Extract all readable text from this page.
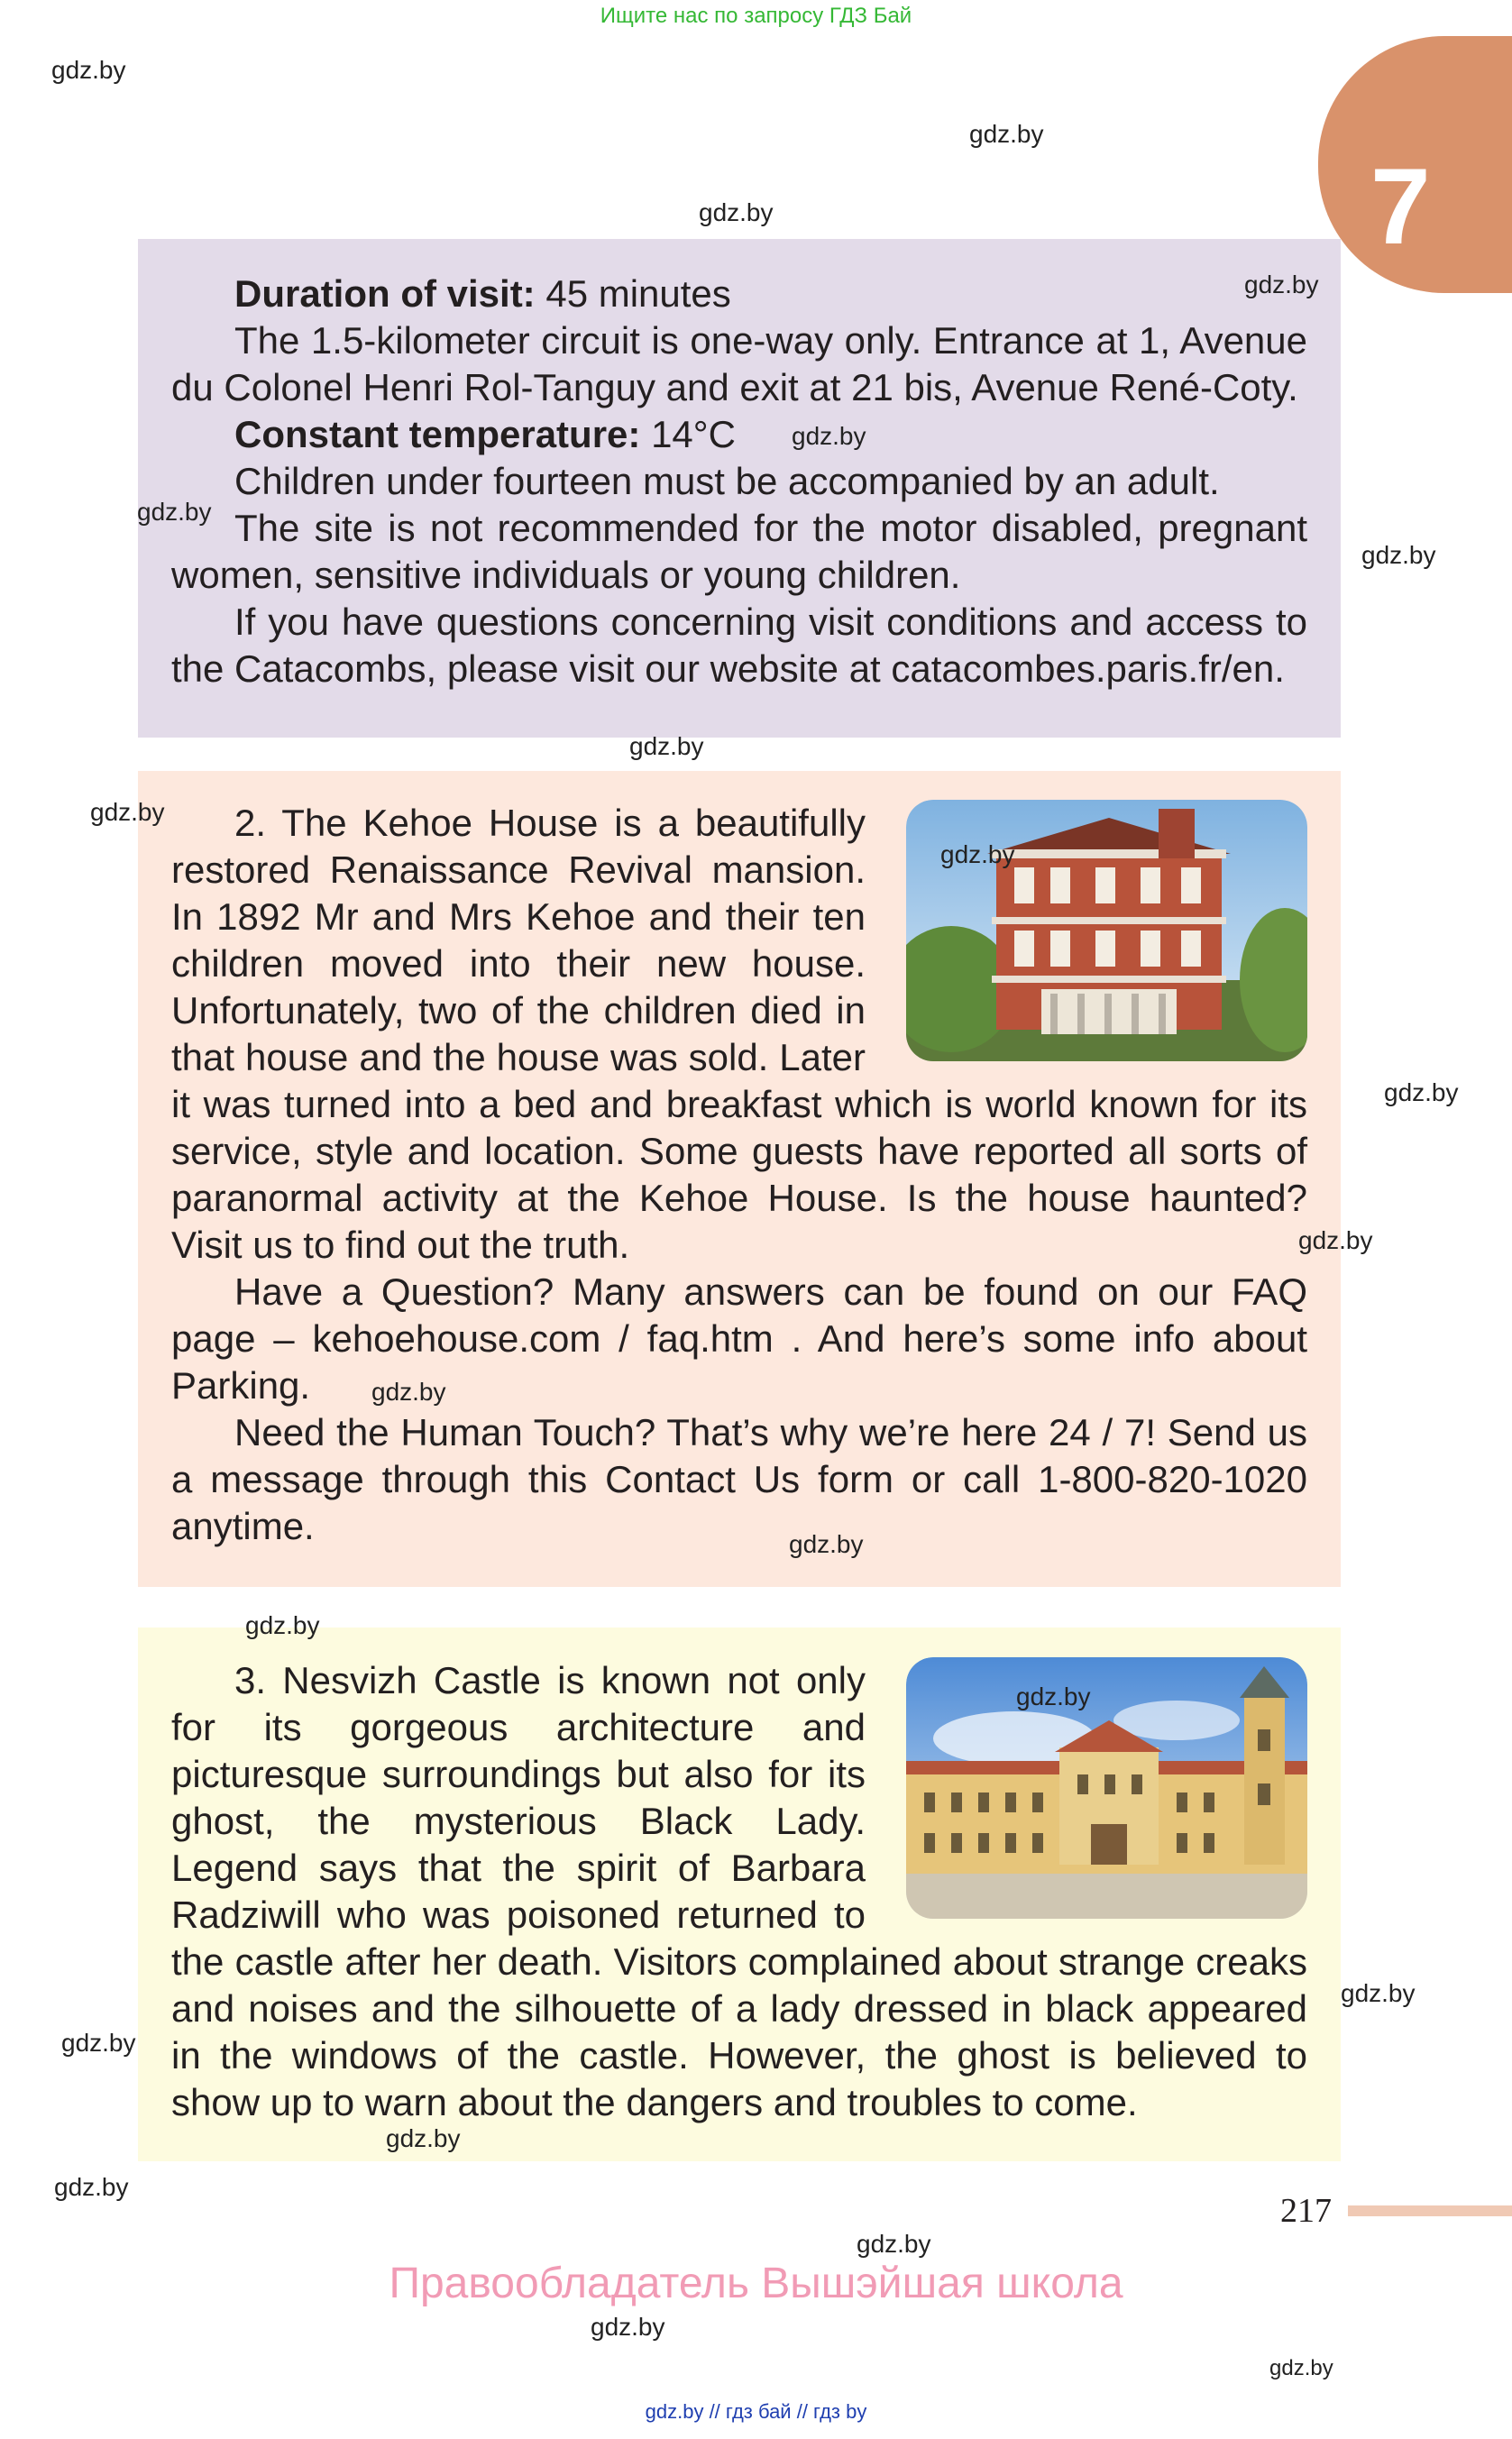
Ищите нас по запросу ГДЗ Бай
7

Duration of visit: 45 minutes

The 1.5-kilometer circuit is one-way only. Entrance at 1, Avenue du Colonel Henri Rol-Tanguy and exit at 21 bis, Avenue René-Coty.

Constant temperature: 14°C

Children under fourteen must be accompanied by an adult.

The site is not recommended for the motor disabled, pregnant women, sensitive individuals or young children.

If you have questions concerning visit conditions and access to the Catacombs, please visit our website at catacombes.paris.fr/en.

2. The Kehoe House is a beautifully restored Renaissance Revival mansion. In 1892 Mr and Mrs Kehoe and their ten children moved into their new house. Unfortunately, two of the children died in that house and the house was sold. Later it was turned into a bed and breakfast which is world known for its service, style and location. Some guests have reported all sorts of paranormal activity at the Kehoe House. Is the house haunted? Visit us to find out the truth.

Have a Question? Many answers can be found on our FAQ page – kehoehouse.com / faq.htm . And here’s some info about Parking.

Need the Human Touch? That’s why we’re here 24 / 7! Send us a message through this Contact Us form or call 1-800-820-1020 anytime.

3. Nesvizh Castle is known not only for its gorgeous architecture and picturesque surroundings but also for its ghost, the mysterious Black Lady. Legend says that the spirit of Barbara Radziwill who was poisoned returned to the castle after her death. Visitors complained about strange creaks and noises and the silhouette of a lady dressed in black appeared in the windows of the castle. However, the ghost is believed to show up to warn about the dangers and troubles to come.

gdz.by
gdz.by
gdz.by
gdz.by
gdz.by
gdz.by
gdz.by
gdz.by
gdz.by
gdz.by
gdz.by
gdz.by
gdz.by
gdz.by
gdz.by
gdz.by
gdz.by
gdz.by
gdz.by
gdz.by
gdz.by
gdz.by
gdz.by
217
Правообладатель Вышэйшая школа
gdz.by // гдз бай // гдз by
